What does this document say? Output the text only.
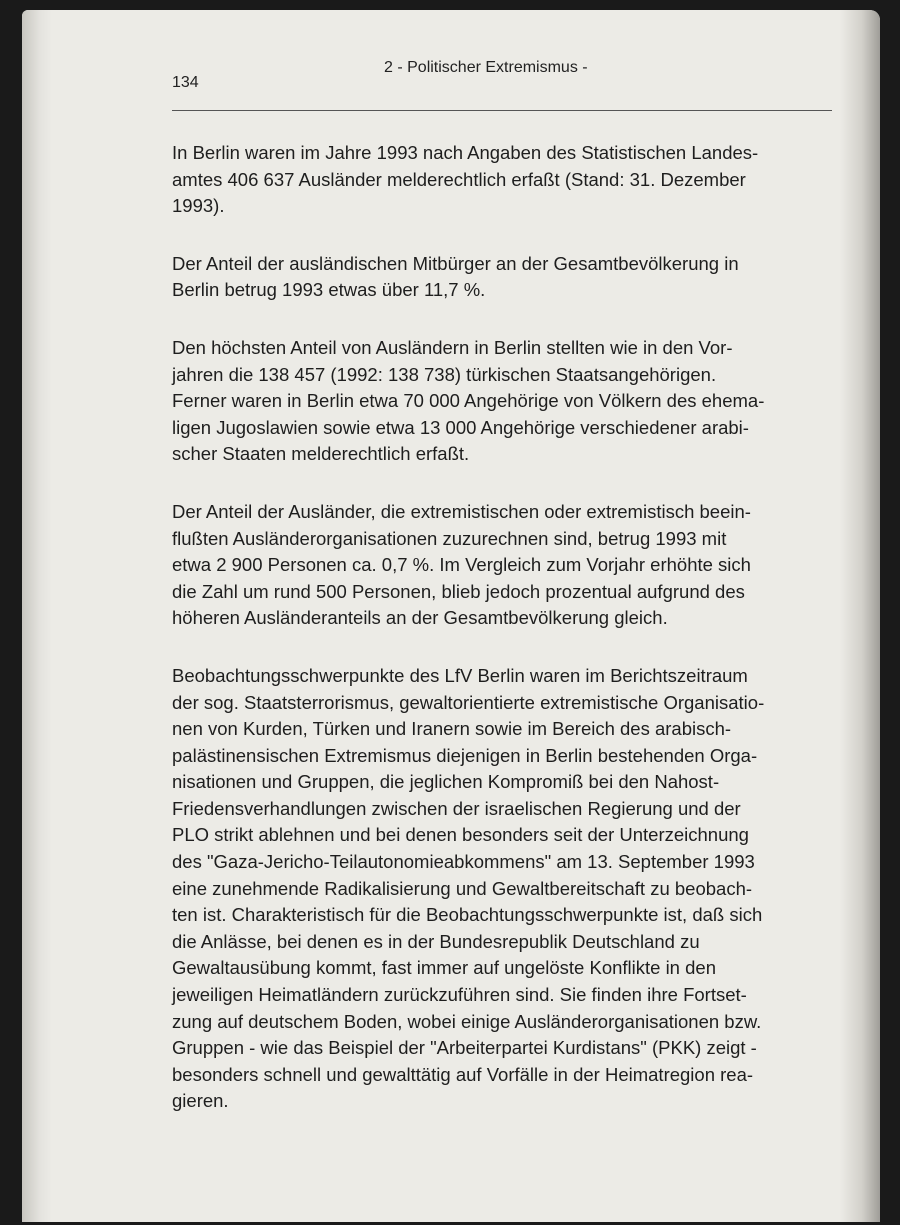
134

2 - Politischer Extremismus -

In Berlin waren im Jahre 1993 nach Angaben des Statistischen Landes-
amtes 406 637 Ausländer melderechtlich erfaßt (Stand: 31. Dezember
1993).

Der Anteil der ausländischen Mitbürger an der Gesamtbevölkerung in
Berlin betrug 1993 etwas über 11,7 %.

Den höchsten Anteil von Ausländern in Berlin stellten wie in den Vor-
jahren die 138 457 (1992: 138 738) türkischen Staatsangehörigen.
Ferner waren in Berlin etwa 70 000 Angehörige von Völkern des ehema-
ligen Jugoslawien sowie etwa 13 000 Angehörige verschiedener arabi-
scher Staaten melderechtlich erfaßt.

Der Anteil der Ausländer, die extremistischen oder extremistisch beein-
flußten Ausländerorganisationen zuzurechnen sind, betrug 1993 mit
etwa 2 900 Personen ca. 0,7 %. Im Vergleich zum Vorjahr erhöhte sich
die Zahl um rund 500 Personen, blieb jedoch prozentual aufgrund des
höheren Ausländeranteils an der Gesamtbevölkerung gleich.

Beobachtungsschwerpunkte des LfV Berlin waren im Berichtszeitraum
der sog. Staatsterrorismus, gewaltorientierte extremistische Organisatio-
nen von Kurden, Türken und Iranern sowie im Bereich des arabisch-
palästinensischen Extremismus diejenigen in Berlin bestehenden Orga-
nisationen und Gruppen, die jeglichen Kompromiß bei den Nahost-
Friedensverhandlungen zwischen der israelischen Regierung und der
PLO strikt ablehnen und bei denen besonders seit der Unterzeichnung
des "Gaza-Jericho-Teilautonomieabkommens" am 13. September 1993
eine zunehmende Radikalisierung und Gewaltbereitschaft zu beobach-
ten ist. Charakteristisch für die Beobachtungsschwerpunkte ist, daß sich
die Anlässe, bei denen es in der Bundesrepublik Deutschland zu
Gewaltausübung kommt, fast immer auf ungelöste Konflikte in den
jeweiligen Heimatländern zurückzuführen sind. Sie finden ihre Fortset-
zung auf deutschem Boden, wobei einige Ausländerorganisationen bzw.
Gruppen - wie das Beispiel der "Arbeiterpartei Kurdistans" (PKK) zeigt -
besonders schnell und gewalttätig auf Vorfälle in der Heimatregion rea-
gieren.
